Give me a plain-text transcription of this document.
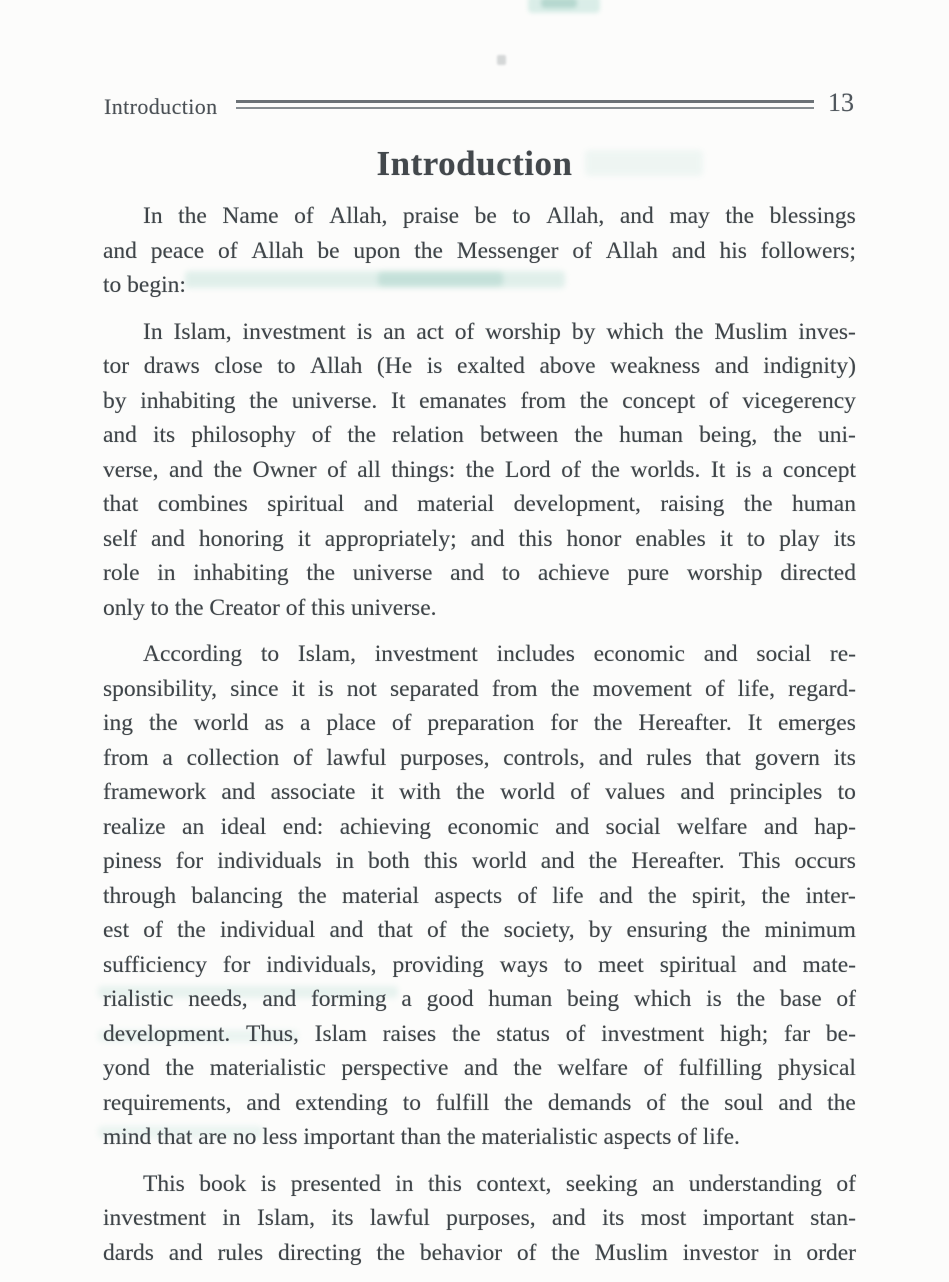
Introduction	13
Introduction
In the Name of Allah, praise be to Allah, and may the blessings
and peace of Allah be upon the Messenger of Allah and his followers;
to begin:
In Islam, investment is an act of worship by which the Muslim inves-
tor draws close to Allah (He is exalted above weakness and indignity)
by inhabiting the universe. It emanates from the concept of vicegerency
and its philosophy of the relation between the human being, the uni-
verse, and the Owner of all things: the Lord of the worlds. It is a concept
that combines spiritual and material development, raising the human
self and honoring it appropriately; and this honor enables it to play its
role in inhabiting the universe and to achieve pure worship directed
only to the Creator of this universe.
According to Islam, investment includes economic and social re-
sponsibility, since it is not separated from the movement of life, regard-
ing the world as a place of preparation for the Hereafter. It emerges
from a collection of lawful purposes, controls, and rules that govern its
framework and associate it with the world of values and principles to
realize an ideal end: achieving economic and social welfare and hap-
piness for individuals in both this world and the Hereafter. This occurs
through balancing the material aspects of life and the spirit, the inter-
est of the individual and that of the society, by ensuring the minimum
sufficiency for individuals, providing ways to meet spiritual and mate-
rialistic needs, and forming a good human being which is the base of
development. Thus, Islam raises the status of investment high; far be-
yond the materialistic perspective and the welfare of fulfilling physical
requirements, and extending to fulfill the demands of the soul and the
mind that are no less important than the materialistic aspects of life.
This book is presented in this context, seeking an understanding of
investment in Islam, its lawful purposes, and its most important stan-
dards and rules directing the behavior of the Muslim investor in order
